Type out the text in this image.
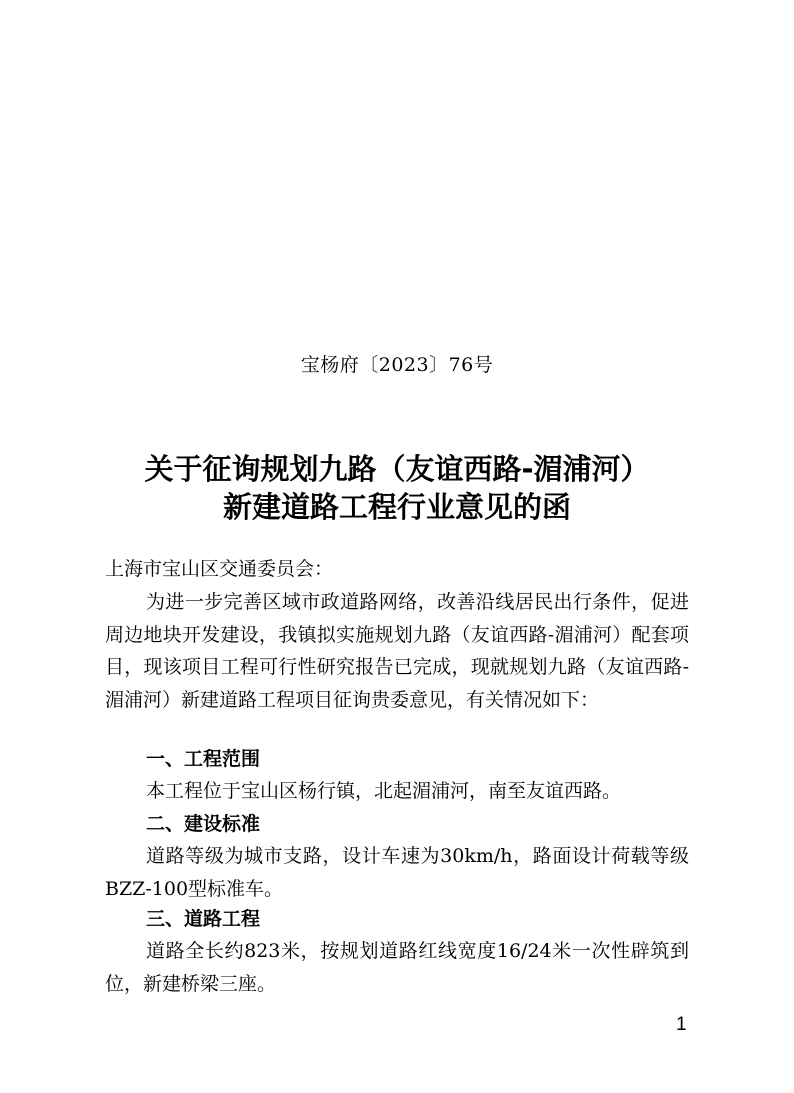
宝杨府〔2023〕76号
关于征询规划九路（友谊西路-湄浦河）
新建道路工程行业意见的函
上海市宝山区交通委员会：
为进一步完善区域市政道路网络，改善沿线居民出行条件，促进周边地块开发建设，我镇拟实施规划九路（友谊西路-湄浦河）配套项目，现该项目工程可行性研究报告已完成，现就规划九路（友谊西路-湄浦河）新建道路工程项目征询贵委意见，有关情况如下：
一、工程范围
本工程位于宝山区杨行镇，北起湄浦河，南至友谊西路。
二、建设标准
道路等级为城市支路，设计车速为30km/h，路面设计荷载等级BZZ-100型标准车。
三、道路工程
道路全长约823米，按规划道路红线宽度16/24米一次性辟筑到位，新建桥梁三座。
1
